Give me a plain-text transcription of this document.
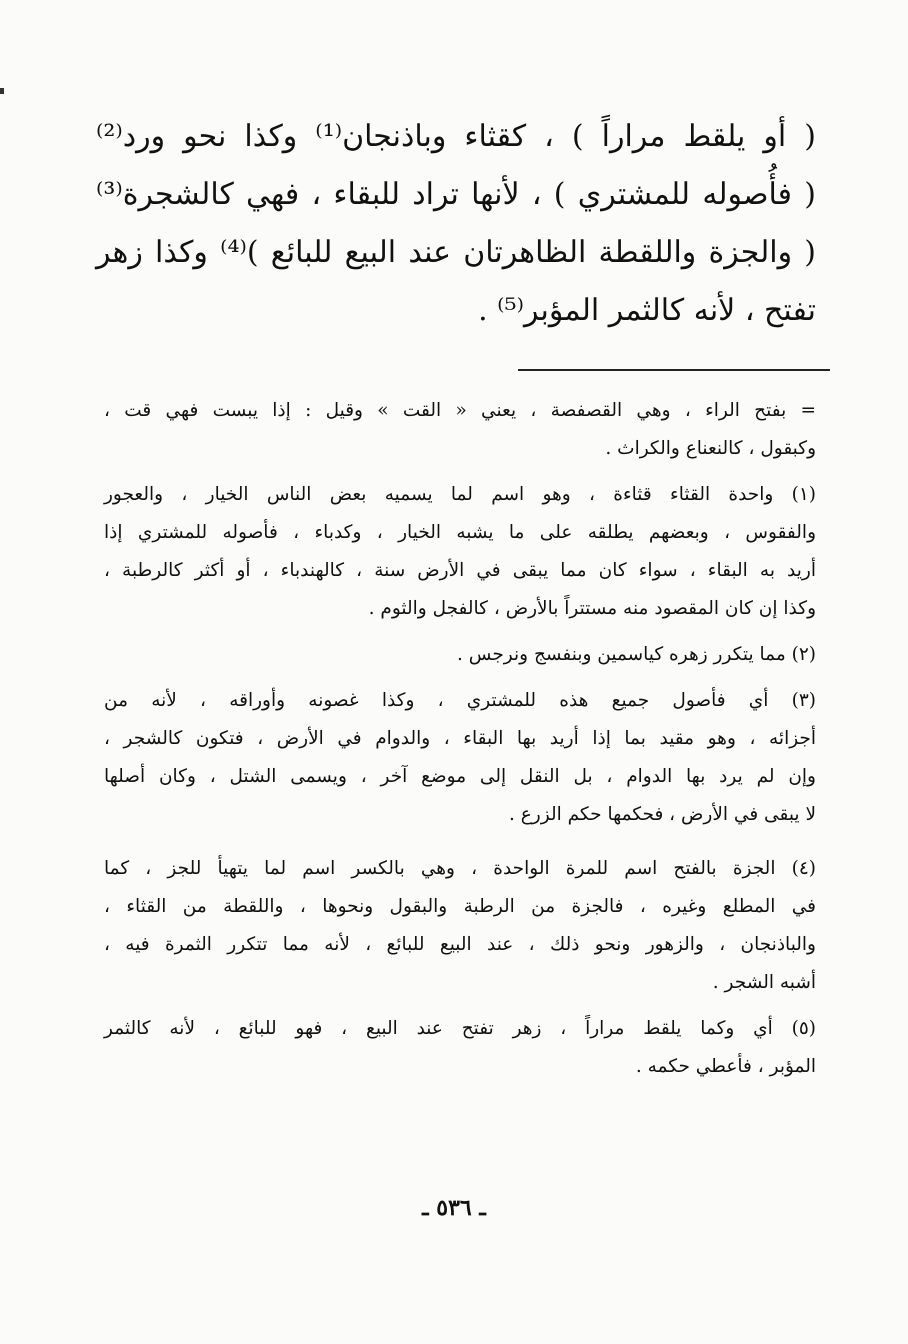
( أو يلقط مراراً ) ، كقثاء وباذنجان⁽¹⁾ وكذا نحو ورد⁽²⁾
( فأُصوله للمشتري ) ، لأنها تراد للبقاء ، فهي كالشجرة⁽³⁾
( والجزة واللقطة الظاهرتان عند البيع للبائع )⁽⁴⁾ وكذا زهر
تفتح ، لأنه كالثمر المؤبر⁽⁵⁾ .
= بفتح الراء ، وهي القصفصة ، يعني « القت » وقيل : إذا يبست فهي قت ،
وكبقول ، كالنعناع والكراث .
(١) واحدة القثاء قثاءة ، وهو اسم لما يسميه بعض الناس الخيار ، والعجور
والفقوس ، وبعضهم يطلقه على ما يشبه الخيار ، وكدباء ، فأصوله للمشتري إذا
أريد به البقاء ، سواء كان مما يبقى في الأرض سنة ، كالهندباء ، أو أكثر كالرطبة ،
وكذا إن كان المقصود منه مستتراً بالأرض ، كالفجل والثوم .
(٢) مما يتكرر زهره كياسمين وبنفسج ونرجس .
(٣) أي فأصول جميع هذه للمشتري ، وكذا غصونه وأوراقه ، لأنه من
أجزائه ، وهو مقيد بما إذا أريد بها البقاء ، والدوام في الأرض ، فتكون كالشجر ،
وإن لم يرد بها الدوام ، بل النقل إلى موضع آخر ، ويسمى الشتل ، وكان أصلها
لا يبقى في الأرض ، فحكمها حكم الزرع .
(٤) الجزة بالفتح اسم للمرة الواحدة ، وهي بالكسر اسم لما يتهيأ للجز ، كما
في المطلع وغيره ، فالجزة من الرطبة والبقول ونحوها ، واللقطة من القثاء ،
والباذنجان ، والزهور ونحو ذلك ، عند البيع للبائع ، لأنه مما تتكرر الثمرة فيه ،
أشبه الشجر .
(٥) أي وكما يلقط مراراً ، زهر تفتح عند البيع ، فهو للبائع ، لأنه كالثمر
المؤبر ، فأعطي حكمه .
ـ ٥٣٦ ـ
